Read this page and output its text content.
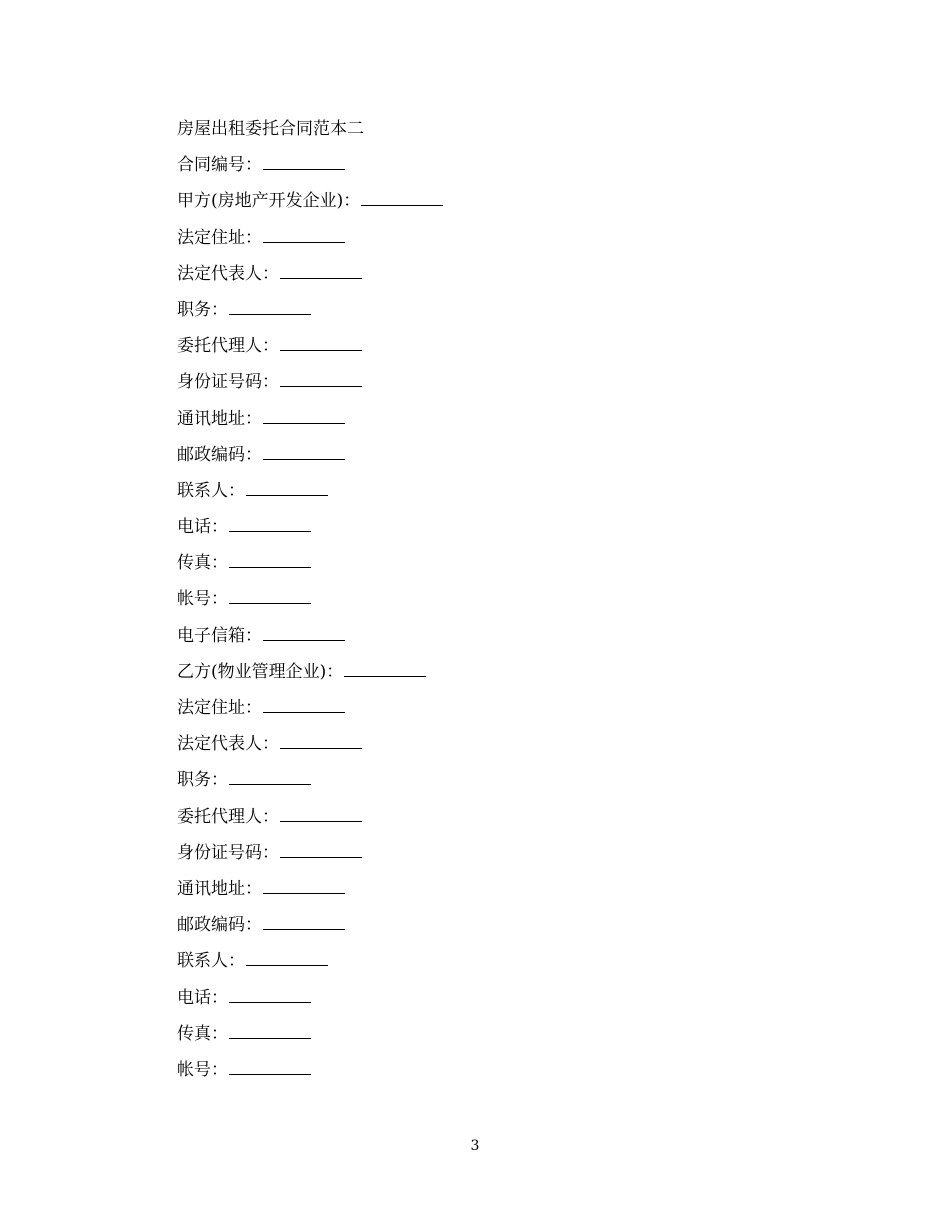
房屋出租委托合同范本二
合同编号：
甲方(房地产开发企业)：
法定住址：
法定代表人：
职务：
委托代理人：
身份证号码：
通讯地址：
邮政编码：
联系人：
电话：
传真：
帐号：
电子信箱：
乙方(物业管理企业)：
法定住址：
法定代表人：
职务：
委托代理人：
身份证号码：
通讯地址：
邮政编码：
联系人：
电话：
传真：
帐号：
3
